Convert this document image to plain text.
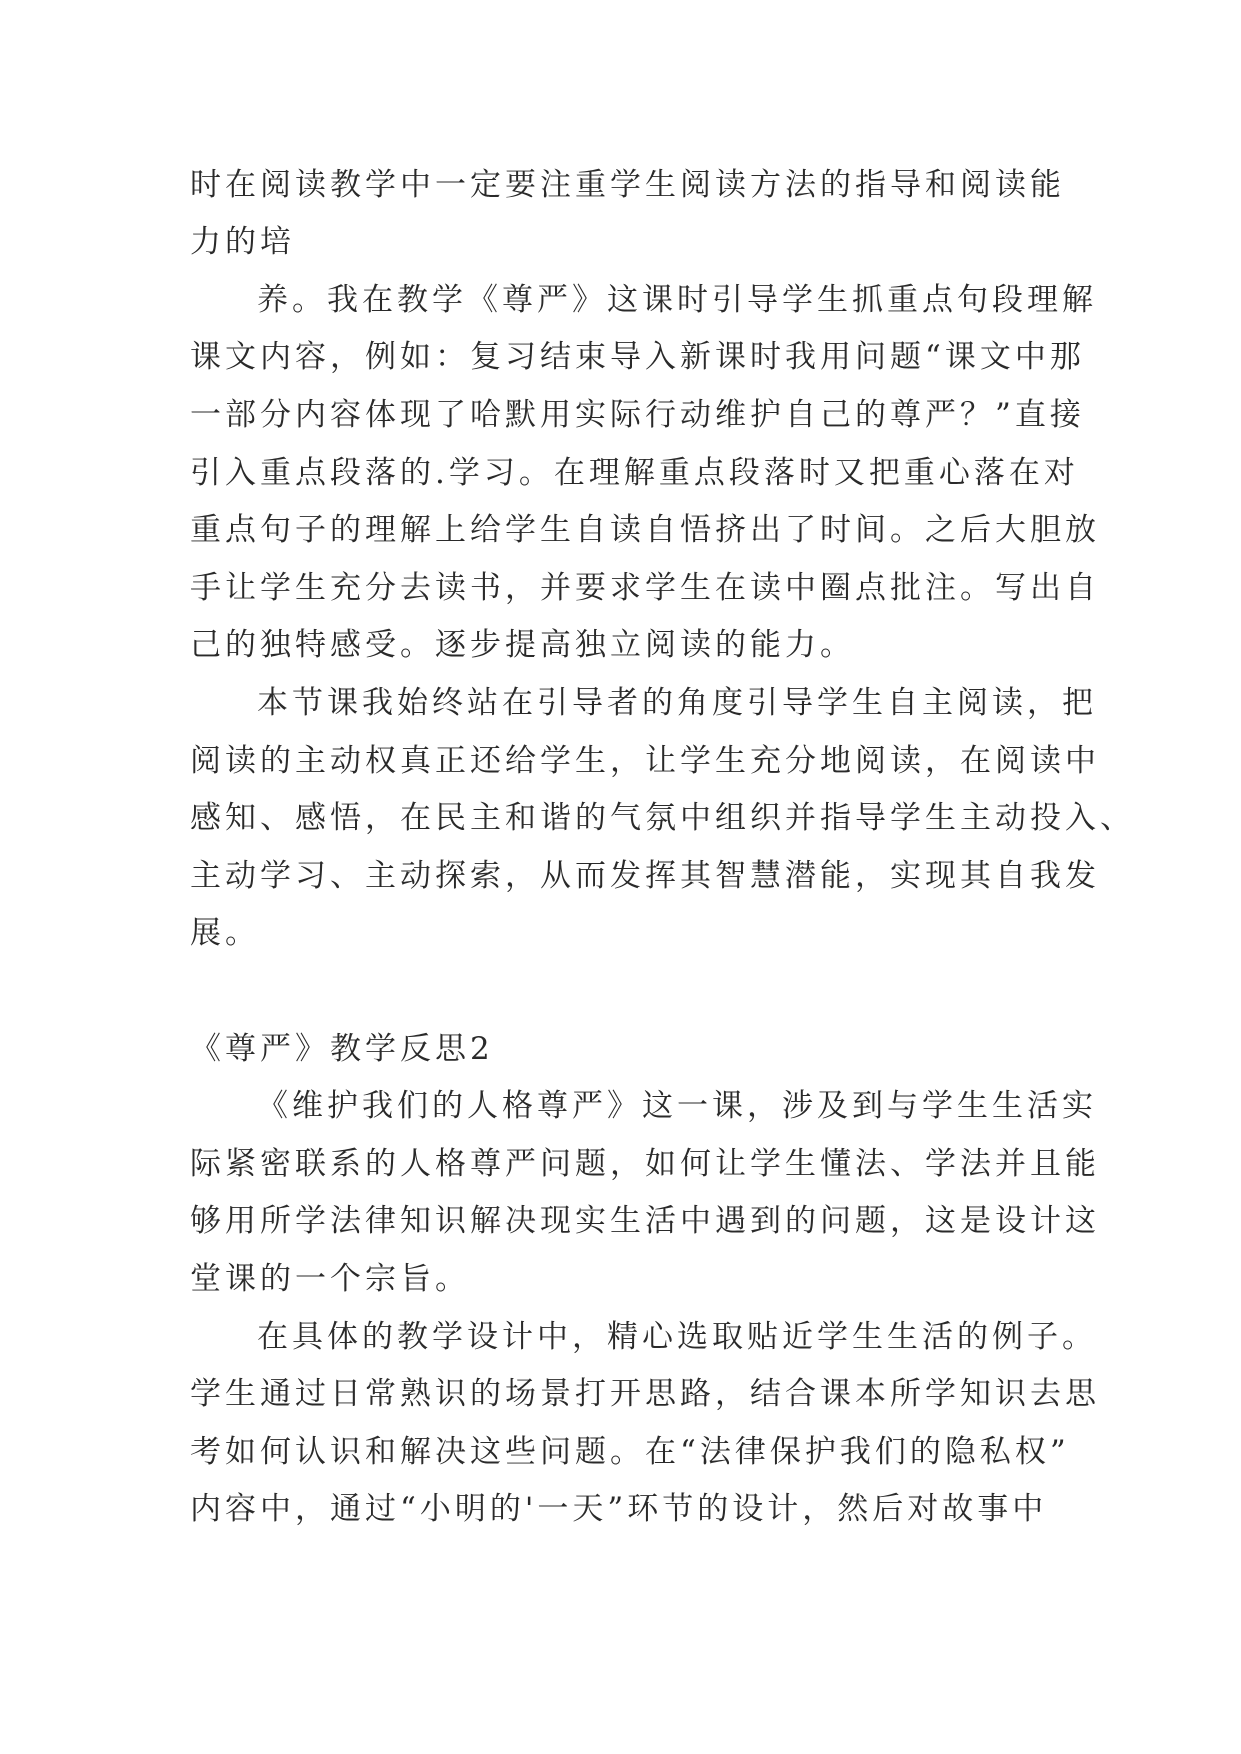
时在阅读教学中一定要注重学生阅读方法的指导和阅读能
力的培
养。我在教学《尊严》这课时引导学生抓重点句段理解
课文内容，例如：复习结束导入新课时我用问题“课文中那
一部分内容体现了哈默用实际行动维护自己的尊严？”直接
引入重点段落的.学习。在理解重点段落时又把重心落在对
重点句子的理解上给学生自读自悟挤出了时间。之后大胆放
手让学生充分去读书，并要求学生在读中圈点批注。写出自
己的独特感受。逐步提高独立阅读的能力。
本节课我始终站在引导者的角度引导学生自主阅读，把
阅读的主动权真正还给学生，让学生充分地阅读，在阅读中
感知、感悟，在民主和谐的气氛中组织并指导学生主动投入、
主动学习、主动探索，从而发挥其智慧潜能，实现其自我发
展。
《尊严》教学反思2
《维护我们的人格尊严》这一课，涉及到与学生生活实
际紧密联系的人格尊严问题，如何让学生懂法、学法并且能
够用所学法律知识解决现实生活中遇到的问题，这是设计这
堂课的一个宗旨。
在具体的教学设计中，精心选取贴近学生生活的例子。
学生通过日常熟识的场景打开思路，结合课本所学知识去思
考如何认识和解决这些问题。在“法律保护我们的隐私权”
内容中，通过“小明的'一天”环节的设计，然后对故事中
